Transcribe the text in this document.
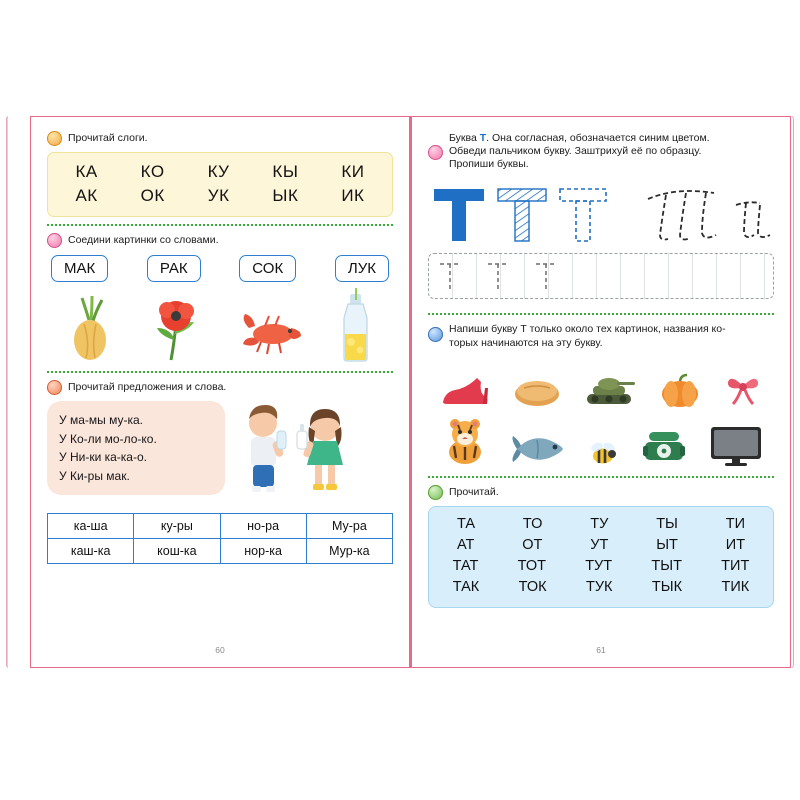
Прочитай слоги.
КА	КО	КУ	КЫ	КИ
АК	ОК	УК	ЫК	ИК
Соедини картинки со словами.
МАК	РАК	СОК	ЛУК
Прочитай предложения и слова.
У ма-мы му-ка.
У Ко-ли мо-ло-ко.
У Ни-ки ка-ка-о.
У Ки-ры мак.
ка-ша	ку-ры	но-ра	Му-ра
каш-ка	кош-ка	нор-ка	Мур-ка
60
Буква Т. Она согласная, обозначается синим цветом.
Обведи пальчиком букву. Заштрихуй её по образцу.
Пропиши буквы.
Напиши букву Т только около тех картинок, названия ко-
торых начинаются на эту букву.
Прочитай.
ТА	ТО	ТУ	ТЫ	ТИ
АТ	ОТ	УТ	ЫТ	ИТ
ТАТ	ТОТ	ТУТ	ТЫТ	ТИТ
ТАК	ТОК	ТУК	ТЫК	ТИК
61
